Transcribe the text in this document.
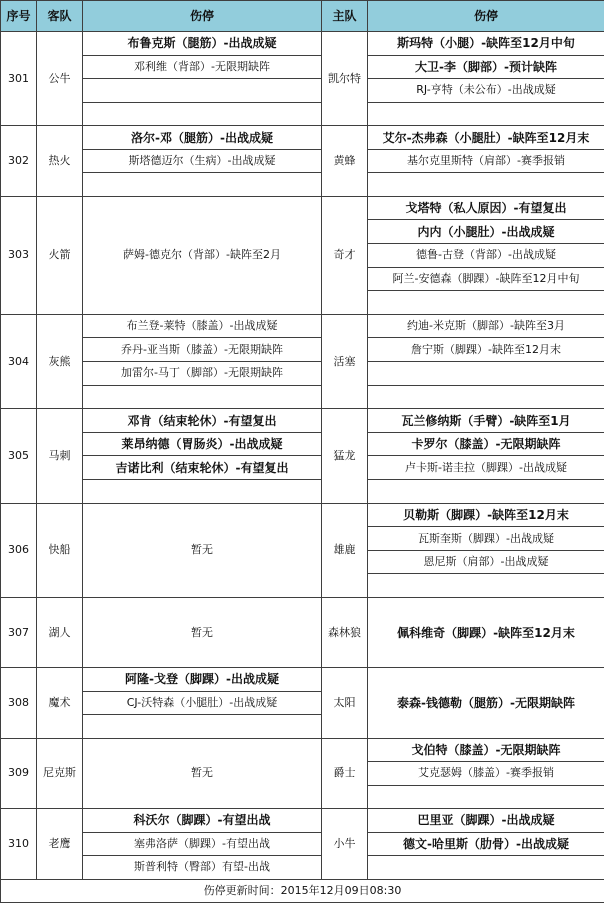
序号	客队	伤停	主队	伤停
301	公牛	布鲁克斯（腿筋）-出战成疑	凯尔特	斯玛特（小腿）-缺阵至12月中旬
		邓利维（背部）-无限期缺阵		大卫-李（脚部）-预计缺阵
				RJ-亨特（未公布）-出战成疑

302	热火	洛尔-邓（腿筋）-出战成疑	黄蜂	艾尔-杰弗森（小腿肚）-缺阵至12月末
		斯塔德迈尔（生病）-出战成疑		基尔克里斯特（肩部）-赛季报销

303	火箭	萨姆-德克尔（背部）-缺阵至2月	奇才	戈塔特（私人原因）-有望复出
				内内（小腿肚）-出战成疑
				德鲁-古登（背部）-出战成疑
				阿兰-安德森（脚踝）-缺阵至12月中旬

304	灰熊	布兰登-莱特（膝盖）-出战成疑	活塞	约迪-米克斯（脚部）-缺阵至3月
		乔丹-亚当斯（膝盖）-无限期缺阵		詹宁斯（脚踝）-缺阵至12月末
		加雷尔-马丁（脚部）-无限期缺阵		

305	马刺	邓肯（结束轮休）-有望复出	猛龙	瓦兰修纳斯（手臂）-缺阵至1月
		莱昂纳德（胃肠炎）-出战成疑		卡罗尔（膝盖）-无限期缺阵
		吉诺比利（结束轮休）-有望复出		卢卡斯-诺圭拉（脚踝）-出战成疑

306	快船	暂无	雄鹿	贝勒斯（脚踝）-缺阵至12月末
				瓦斯奎斯（脚踝）-出战成疑
				恩尼斯（肩部）-出战成疑

307	湖人	暂无	森林狼	佩科维奇（脚踝）-缺阵至12月末
308	魔术	阿隆-戈登（脚踝）-出战成疑	太阳	泰森-钱德勒（腿筋）-无限期缺阵
		CJ-沃特森（小腿肚）-出战成疑		

309	尼克斯	暂无	爵士	戈伯特（膝盖）-无限期缺阵
				艾克瑟姆（膝盖）-赛季报销

310	老鹰	科沃尔（脚踝）-有望出战	小牛	巴里亚（脚踝）-出战成疑
		塞弗洛萨（脚踝）-有望出战		德文-哈里斯（肋骨）-出战成疑
		斯普利特（臀部）有望-出战		
伤停更新时间：2015年12月09日08:30				
